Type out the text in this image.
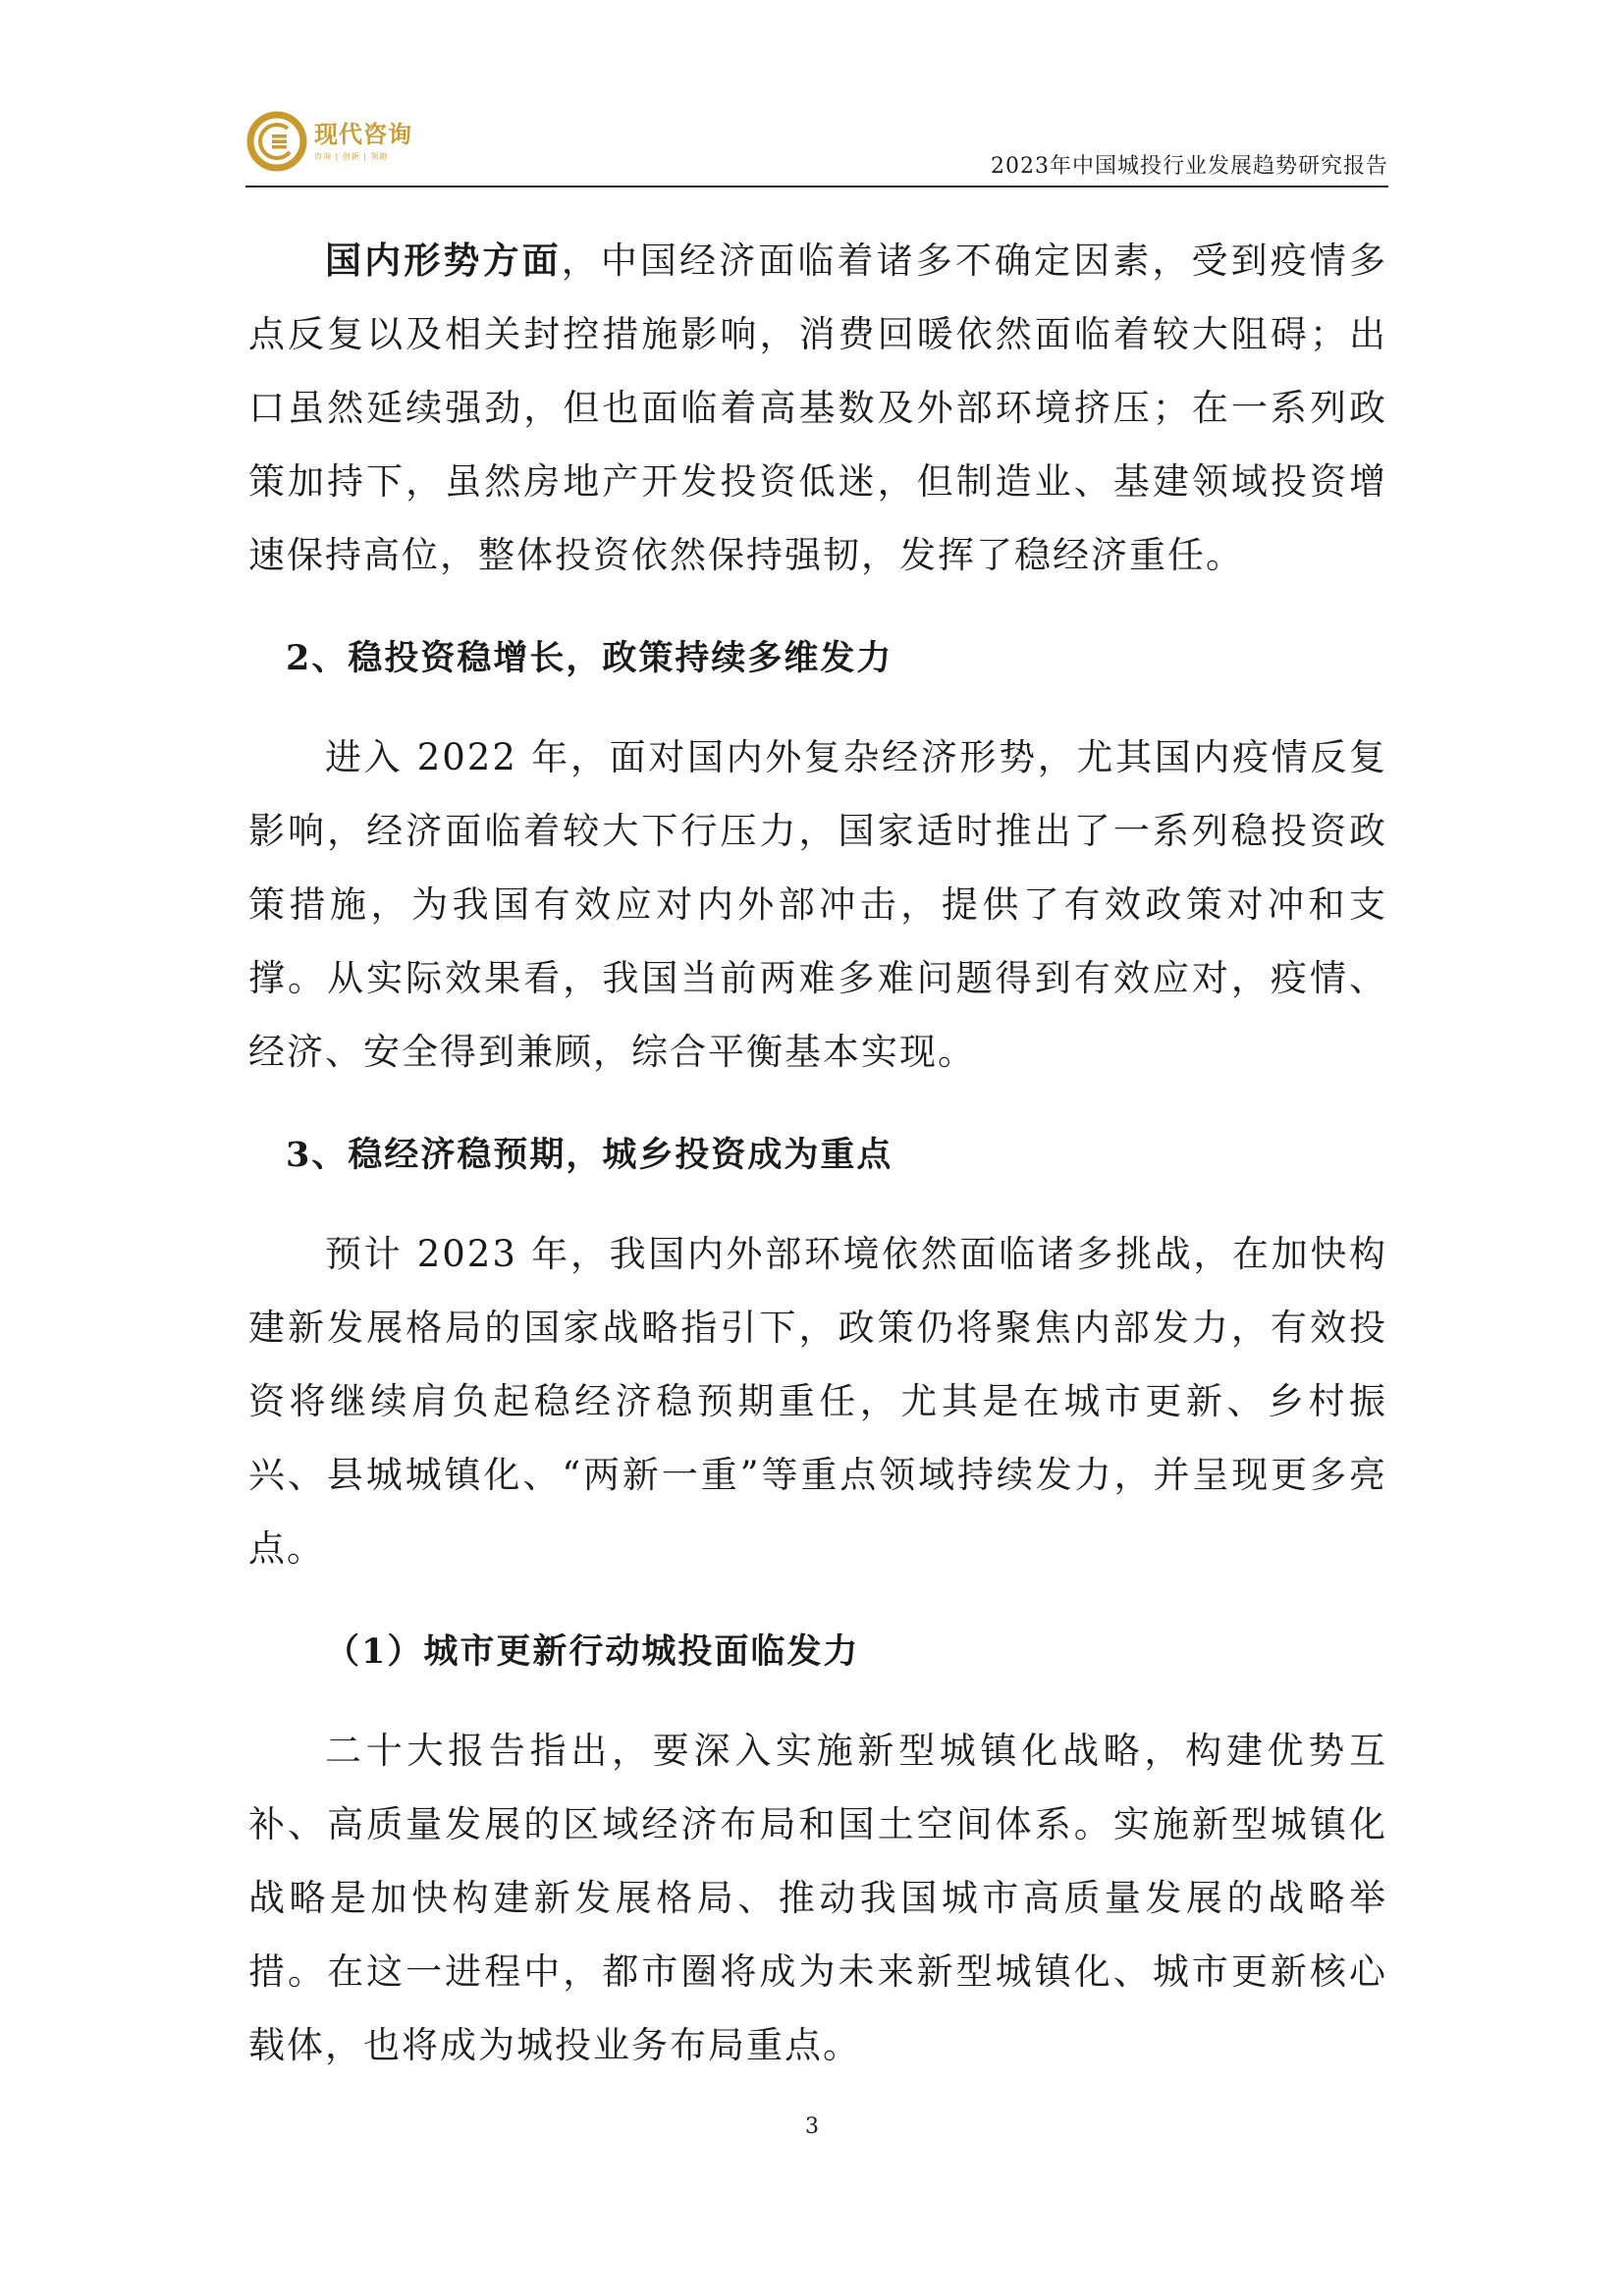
现代咨询
咨询 | 创新 | 领跑	2023年中国城投行业发展趋势研究报告

国内形势方面，中国经济面临着诸多不确定因素，受到疫情多点反复以及相关封控措施影响，消费回暖依然面临着较大阻碍；出口虽然延续强劲，但也面临着高基数及外部环境挤压；在一系列政策加持下，虽然房地产开发投资低迷，但制造业、基建领域投资增速保持高位，整体投资依然保持强韧，发挥了稳经济重任。

2、稳投资稳增长，政策持续多维发力

进入 2022 年，面对国内外复杂经济形势，尤其国内疫情反复影响，经济面临着较大下行压力，国家适时推出了一系列稳投资政策措施，为我国有效应对内外部冲击，提供了有效政策对冲和支撑。从实际效果看，我国当前两难多难问题得到有效应对，疫情、经济、安全得到兼顾，综合平衡基本实现。

3、稳经济稳预期，城乡投资成为重点

预计 2023 年，我国内外部环境依然面临诸多挑战，在加快构建新发展格局的国家战略指引下，政策仍将聚焦内部发力，有效投资将继续肩负起稳经济稳预期重任，尤其是在城市更新、乡村振兴、县城城镇化、“两新一重”等重点领域持续发力，并呈现更多亮点。

（1）城市更新行动城投面临发力

二十大报告指出，要深入实施新型城镇化战略，构建优势互补、高质量发展的区域经济布局和国土空间体系。实施新型城镇化战略是加快构建新发展格局、推动我国城市高质量发展的战略举措。在这一进程中，都市圈将成为未来新型城镇化、城市更新核心载体，也将成为城投业务布局重点。

3
